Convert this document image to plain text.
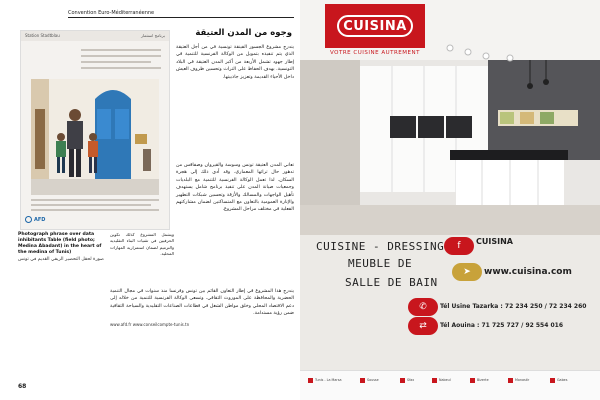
Convention Euro-Méditerranéenne
Station Stadtblau	برنامج استثمار
AFD
Photograph phrase over data inhibitants Table (field photo; Medina Abadant) in the heart of the medina of Tunis)
صورة لحقل التحضير الريفي القديم في تونس
وجوه من المدن العتيقة
يندرج مشروع الجسور الفينقة تونسية في من أجل العتيقة الذي يتم تنفيذه بتمويل من الوكالة الفرنسية للتنمية في إطار جهود تشمل الأربعة من أكبر المدن العتيقة في البلاد التونسية. بهدف الحفاظ على التراث وتحسين ظروف العيش داخل الأحياء القديمة وتعزيز جاذبيتها.
تعاني المدن العتيقة تونس وسوسة والقيروان وصفاقس من تدهور حال تراثها المعماري. وقد أدى ذلك إلى هجرة السكان. لذا تعمل الوكالة الفرنسية للتنمية مع البلديات وجمعيات صيانة المدن على تنفيذ برنامج شامل يستهدف تأهيل الواجهات والمسالك والأزقة وتحسين شبكات التطهير والإنارة العمومية بالتعاون مع المتساكنين لضمان مشاركتهم الفعلية في مختلف مراحل المشروع.
ويشمل المشروع كذلك تكوين الحرفيين في تقنيات البناء التقليدية والترميم لضمان استمرارية المهارات المحلية.
يندرج هذا المشروع في إطار التعاون القائم بين تونس وفرنسا منذ سنوات في مجال التنمية الحضرية والمحافظة على الموروث الثقافي. وتسعى الوكالة الفرنسية للتنمية من خلاله إلى دعم الاقتصاد المحلي وخلق مواطن الشغل في قطاعات الصناعات التقليدية والسياحة الثقافية ضمن رؤية مستدامة.
www.afd.fr www.conseilcompte-tunis.tn
68
CUISINA
VOTRE CUISINE AUTREMENT
CUISINE - DRESSING
MEUBLE DE
SALLE DE BAIN
f	CUISINA
➤	www.cuisina.com
✆	Tél Usine Tazarka : 72 234 250 / 72 234 260
⇄	Tél Aouina : 71 725 727 / 92 554 016
Tunis - La Marsa	Sousse	Sfax	Nabeul	Bizerte	Monastir	Gabes
